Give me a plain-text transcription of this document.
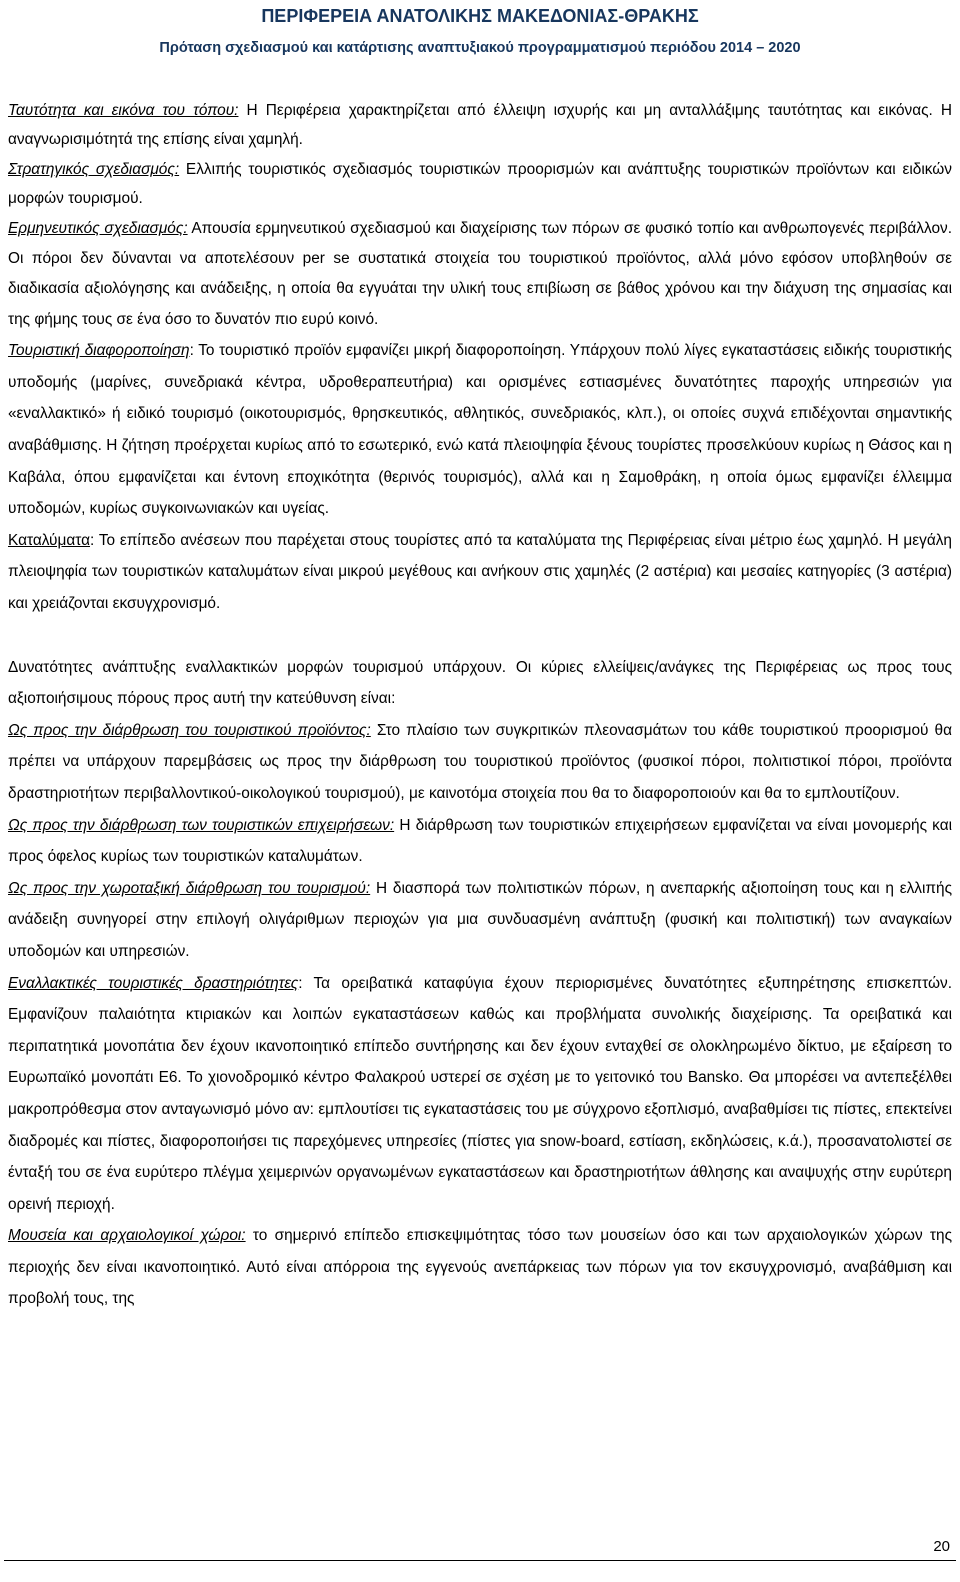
ΠΕΡΙΦΕΡΕΙΑ ΑΝΑΤΟΛΙΚΗΣ ΜΑΚΕΔΟΝΙΑΣ-ΘΡΑΚΗΣ
Πρόταση σχεδιασμού και κατάρτισης αναπτυξιακού προγραμματισμού περιόδου 2014 – 2020

Ταυτότητα και εικόνα του τόπου: Η Περιφέρεια χαρακτηρίζεται από έλλειψη ισχυρής και μη ανταλλάξιμης ταυτότητας και εικόνας. Η αναγνωρισιμότητά της επίσης είναι χαμηλή.

Στρατηγικός σχεδιασμός: Ελλιπής τουριστικός σχεδιασμός τουριστικών προορισμών και ανάπτυξης τουριστικών προϊόντων και ειδικών μορφών τουρισμού.

Ερμηνευτικός σχεδιασμός: Απουσία ερμηνευτικού σχεδιασμού και διαχείρισης των πόρων σε φυσικό τοπίο και ανθρωπογενές περιβάλλον. Οι πόροι δεν δύνανται να αποτελέσουν per se συστατικά στοιχεία του τουριστικού προϊόντος, αλλά μόνο εφόσον υποβληθούν σε διαδικασία αξιολόγησης και ανάδειξης, η οποία θα εγγυάται την υλική τους επιβίωση σε βάθος χρόνου και την διάχυση της σημασίας και της φήμης τους σε ένα όσο το δυνατόν πιο ευρύ κοινό.

Τουριστική διαφοροποίηση: Το τουριστικό προϊόν εμφανίζει μικρή διαφοροποίηση. Υπάρχουν πολύ λίγες εγκαταστάσεις ειδικής τουριστικής υποδομής (μαρίνες, συνεδριακά κέντρα, υδροθεραπευτήρια) και ορισμένες εστιασμένες δυνατότητες παροχής υπηρεσιών για «εναλλακτικό» ή ειδικό τουρισμό (οικοτουρισμός, θρησκευτικός, αθλητικός, συνεδριακός, κλπ.), οι οποίες συχνά επιδέχονται σημαντικής αναβάθμισης. Η ζήτηση προέρχεται κυρίως από το εσωτερικό, ενώ κατά πλειοψηφία ξένους τουρίστες προσελκύουν κυρίως η Θάσος και η Καβάλα, όπου εμφανίζεται και έντονη εποχικότητα (θερινός τουρισμός), αλλά και η Σαμοθράκη, η οποία όμως εμφανίζει έλλειμμα υποδομών, κυρίως συγκοινωνιακών και υγείας.

Καταλύματα: Το επίπεδο ανέσεων που παρέχεται στους τουρίστες από τα καταλύματα της Περιφέρειας είναι μέτριο έως χαμηλό. Η μεγάλη πλειοψηφία των τουριστικών καταλυμάτων είναι μικρού μεγέθους και ανήκουν στις χαμηλές (2 αστέρια) και μεσαίες κατηγορίες (3 αστέρια) και χρειάζονται εκσυγχρονισμό.

Δυνατότητες ανάπτυξης εναλλακτικών μορφών τουρισμού υπάρχουν. Οι κύριες ελλείψεις/ανάγκες της Περιφέρειας ως προς τους αξιοποιήσιμους πόρους προς αυτή την κατεύθυνση είναι:

Ως προς την διάρθρωση του τουριστικού προϊόντος: Στο πλαίσιο των συγκριτικών πλεονασμάτων του κάθε τουριστικού προορισμού θα πρέπει να υπάρχουν παρεμβάσεις ως προς την διάρθρωση του τουριστικού προϊόντος (φυσικοί πόροι, πολιτιστικοί πόροι, προϊόντα δραστηριοτήτων περιβαλλοντικού-οικολογικού τουρισμού), με καινοτόμα στοιχεία που θα το διαφοροποιούν και θα το εμπλουτίζουν.

Ως προς την διάρθρωση των τουριστικών επιχειρήσεων: Η διάρθρωση των τουριστικών επιχειρήσεων εμφανίζεται να είναι μονομερής και προς όφελος κυρίως των τουριστικών καταλυμάτων.

Ως προς την χωροταξική διάρθρωση του τουρισμού: Η διασπορά των πολιτιστικών πόρων, η ανεπαρκής αξιοποίηση τους και η ελλιπής ανάδειξη συνηγορεί στην επιλογή ολιγάριθμων περιοχών για μια συνδυασμένη ανάπτυξη (φυσική και πολιτιστική) των αναγκαίων υποδομών και υπηρεσιών.

Εναλλακτικές τουριστικές δραστηριότητες: Τα ορειβατικά καταφύγια έχουν περιορισμένες δυνατότητες εξυπηρέτησης επισκεπτών. Εμφανίζουν παλαιότητα κτιριακών και λοιπών εγκαταστάσεων καθώς και προβλήματα συνολικής διαχείρισης. Τα ορειβατικά και περιπατητικά μονοπάτια δεν έχουν ικανοποιητικό επίπεδο συντήρησης και δεν έχουν ενταχθεί σε ολοκληρωμένο δίκτυο, με εξαίρεση το Ευρωπαϊκό μονοπάτι Ε6. Το χιονοδρομικό κέντρο Φαλακρού υστερεί σε σχέση με το γειτονικό του Bansko. Θα μπορέσει να αντεπεξέλθει μακροπρόθεσμα στον ανταγωνισμό μόνο αν: εμπλουτίσει τις εγκαταστάσεις του με σύγχρονο εξοπλισμό, αναβαθμίσει τις πίστες, επεκτείνει διαδρομές και πίστες, διαφοροποιήσει τις παρεχόμενες υπηρεσίες (πίστες για snow-board, εστίαση, εκδηλώσεις, κ.ά.), προσανατολιστεί σε ένταξή του σε ένα ευρύτερο πλέγμα χειμερινών οργανωμένων εγκαταστάσεων και δραστηριοτήτων άθλησης και αναψυχής στην ευρύτερη ορεινή περιοχή.

Μουσεία και αρχαιολογικοί χώροι: το σημερινό επίπεδο επισκεψιμότητας τόσο των μουσείων όσο και των αρχαιολογικών χώρων της περιοχής δεν είναι ικανοποιητικό. Αυτό είναι απόρροια της εγγενούς ανεπάρκειας των πόρων για τον εκσυγχρονισμό, αναβάθμιση και προβολή τους, της

20
